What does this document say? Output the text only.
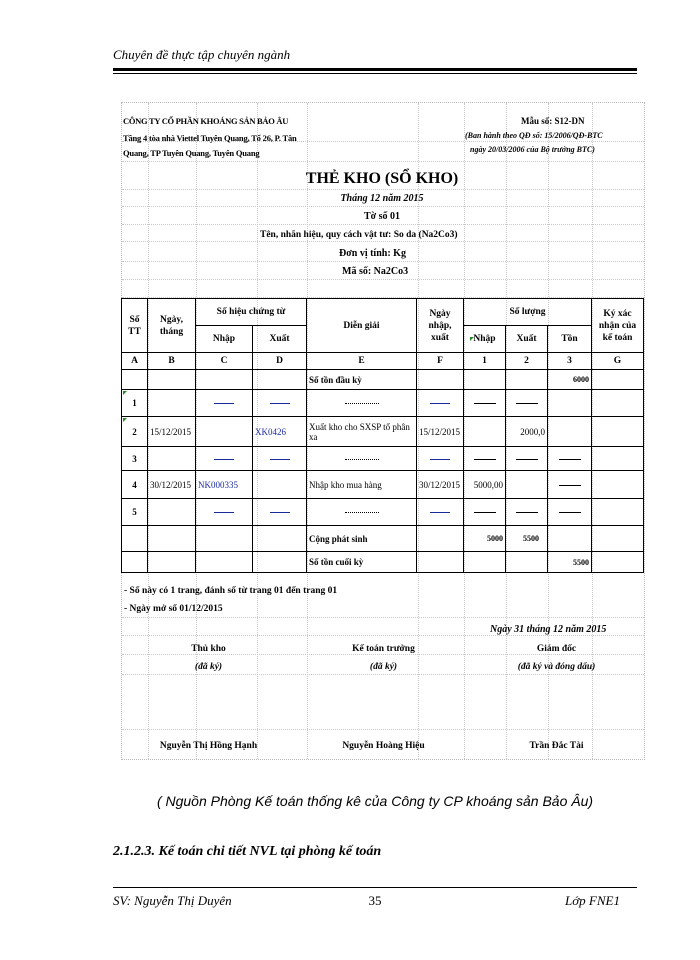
Chuyên đề thực tập chuyên ngành
CÔNG TY CỔ PHẦN KHOÁNG SẢN BẢO ÂU
Tầng 4 tòa nhà Viettel Tuyên Quang, Tổ 26, P. Tân
Quang, TP Tuyên Quang, Tuyên Quang
Mẫu số: S12-DN
(Ban hành theo QĐ số: 15/2006/QĐ-BTC
ngày 20/03/2006 của Bộ trưởng BTC)
THẺ KHO (SỔ KHO)
Tháng 12 năm 2015
Tờ số 01
Tên, nhãn hiệu, quy cách vật tư: So da (Na2Co3)
Đơn vị tính: Kg
Mã số: Na2Co3
Số TT	Ngày, tháng	Số hiệu chứng từ		Diễn giải	Ngày nhập, xuất	Số lượng			Ký xác nhận của kế toán
		Nhập	Xuất			Nhập	Xuất	Tồn	
A	B	C	D	E	F	1	2	3	G
				Số tồn đầu kỳ				6000	
1									
2	15/12/2015		XK0426	Xuất kho cho SXSP tổ phân xa	15/12/2015		2000,0		
3									
4	30/12/2015	NK000335		Nhập kho mua hàng	30/12/2015	5000,00			
5									
				Cộng phát sinh		5000	5500		
				Số tồn cuối kỳ				5500	
- Sổ này có 1 trang, đánh số từ trang 01 đến trang 01
- Ngày mở sổ 01/12/2015
Ngày 31 tháng 12 năm 2015
Thủ kho
(đã ký)
Nguyễn Thị Hồng Hạnh
Kế toán trưởng
(đã ký)
Nguyễn Hoàng Hiệu
Giám đốc
(đã ký và đóng dấu)
Trần Đắc Tài
( Nguồn Phòng Kế toán thống kê của Công ty CP khoáng sản Bảo Âu)
2.1.2.3. Kế toán chi tiết NVL tại phòng kế toán
SV: Nguyễn Thị Duyên	35	Lớp FNE1
